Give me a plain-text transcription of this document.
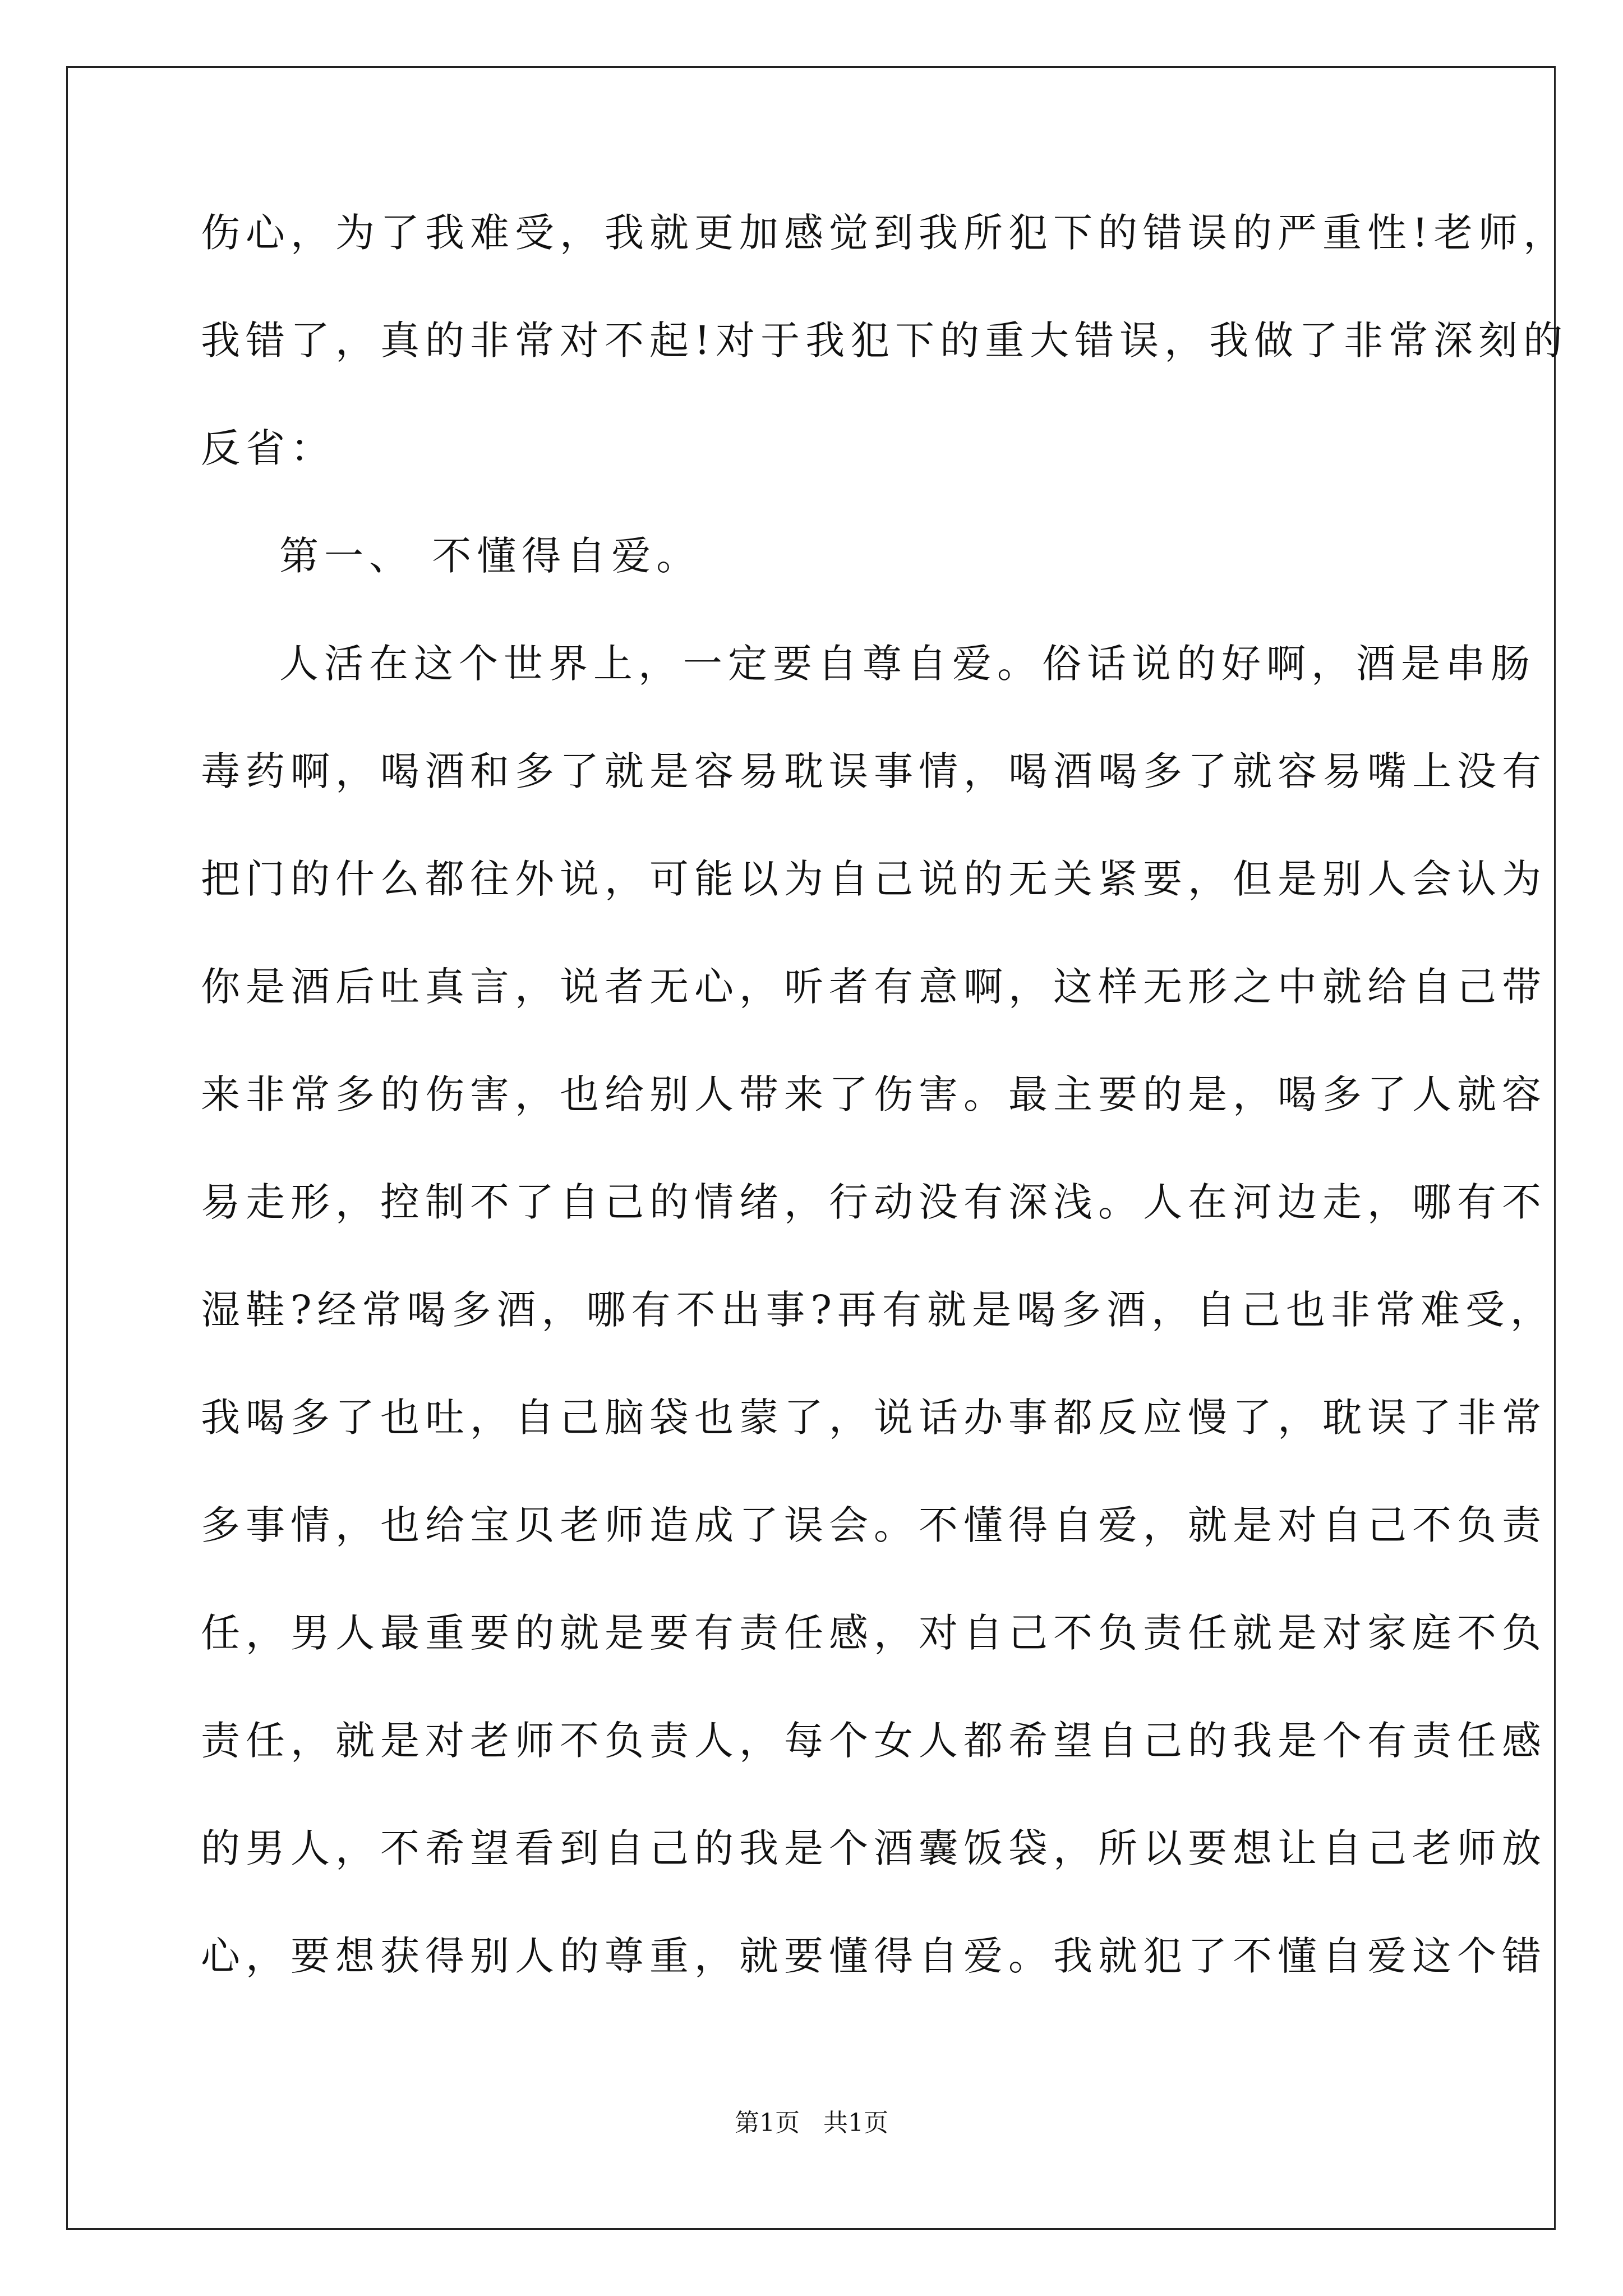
伤心，为了我难受，我就更加感觉到我所犯下的错误的严重性!老师，
我错了，真的非常对不起!对于我犯下的重大错误，我做了非常深刻的
反省：
第一、 不懂得自爱。
人活在这个世界上，一定要自尊自爱。俗话说的好啊，酒是串肠
毒药啊，喝酒和多了就是容易耽误事情，喝酒喝多了就容易嘴上没有
把门的什么都往外说，可能以为自己说的无关紧要，但是别人会认为
你是酒后吐真言，说者无心，听者有意啊，这样无形之中就给自己带
来非常多的伤害，也给别人带来了伤害。最主要的是，喝多了人就容
易走形，控制不了自己的情绪，行动没有深浅。人在河边走，哪有不
湿鞋?经常喝多酒，哪有不出事?再有就是喝多酒，自己也非常难受，
我喝多了也吐，自己脑袋也蒙了，说话办事都反应慢了，耽误了非常
多事情，也给宝贝老师造成了误会。不懂得自爱，就是对自己不负责
任，男人最重要的就是要有责任感，对自己不负责任就是对家庭不负
责任，就是对老师不负责人，每个女人都希望自己的我是个有责任感
的男人，不希望看到自己的我是个酒囊饭袋，所以要想让自己老师放
心，要想获得别人的尊重，就要懂得自爱。我就犯了不懂自爱这个错
第1页   共1页
